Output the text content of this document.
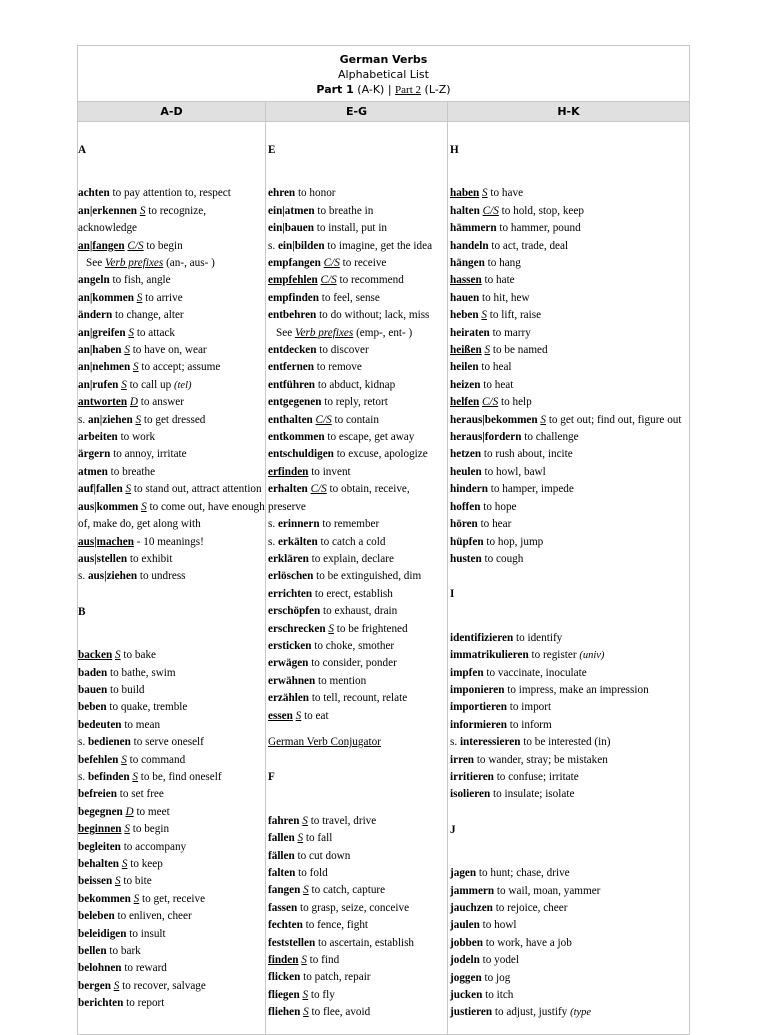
German Verbs
Alphabetical List
Part 1 (A-K) | Part 2 (L-Z)
A-D	E-G	H-K
A
achten to pay attention to, respect
an|erkennen S to recognize, acknowledge
an|fangen C/S to begin
See Verb prefixes (an-, aus- )
angeln to fish, angle
an|kommen S to arrive
ändern to change, alter
an|greifen S to attack
an|haben S to have on, wear
an|nehmen S to accept; assume
an|rufen S to call up (tel)
antworten D to answer
s. an|ziehen S to get dressed
arbeiten to work
ärgern to annoy, irritate
atmen to breathe
auf|fallen S to stand out, attract attention
aus|kommen S to come out, have enough of, make do, get along with
aus|machen - 10 meanings!
aus|stellen to exhibit
s. aus|ziehen to undress
B
backen S to bake
baden to bathe, swim
bauen to build
beben to quake, tremble
bedeuten to mean
s. bedienen to serve oneself
befehlen S to command
s. befinden S to be, find oneself
befreien to set free
begegnen D to meet
beginnen S to begin
begleiten to accompany
behalten S to keep
beissen S to bite
bekommen S to get, receive
beleben to enliven, cheer
beleidigen to insult
bellen to bark
belohnen to reward
bergen S to recover, salvage
berichten to report
E
ehren to honor
ein|atmen to breathe in
ein|bauen to install, put in
s. ein|bilden to imagine, get the idea
empfangen C/S to receive
empfehlen C/S to recommend
empfinden to feel, sense
entbehren to do without; lack, miss
See Verb prefixes (emp-, ent- )
entdecken to discover
entfernen to remove
entführen to abduct, kidnap
entgegenen to reply, retort
enthalten C/S to contain
entkommen to escape, get away
entschuldigen to excuse, apologize
erfinden to invent
erhalten C/S to obtain, receive, preserve
s. erinnern to remember
s. erkälten to catch a cold
erklären to explain, declare
erlöschen to be extinguished, dim
errichten to erect, establish
erschöpfen to exhaust, drain
erschrecken S to be frightened
ersticken to choke, smother
erwägen to consider, ponder
erwähnen to mention
erzählen to tell, recount, relate
essen S to eat
German Verb Conjugator
F
fahren S to travel, drive
fallen S to fall
fällen to cut down
falten to fold
fangen S to catch, capture
fassen to grasp, seize, conceive
fechten to fence, fight
feststellen to ascertain, establish
finden S to find
flicken to patch, repair
fliegen S to fly
fliehen S to flee, avoid
H
haben S to have
halten C/S to hold, stop, keep
hämmern to hammer, pound
handeln to act, trade, deal
hängen to hang
hassen to hate
hauen to hit, hew
heben S to lift, raise
heiraten to marry
heißen S to be named
heilen to heal
heizen to heat
helfen C/S to help
heraus|bekommen S to get out; find out, figure out
heraus|fordern to challenge
hetzen to rush about, incite
heulen to howl, bawl
hindern to hamper, impede
hoffen to hope
hören to hear
hüpfen to hop, jump
husten to cough
I
identifizieren to identify
immatrikulieren to register (univ)
impfen to vaccinate, inoculate
imponieren to impress, make an impression
importieren to import
informieren to inform
s. interessieren to be interested (in)
irren to wander, stray; be mistaken
irritieren to confuse; irritate
isolieren to insulate; isolate
J
jagen to hunt; chase, drive
jammern to wail, moan, yammer
jauchzen to rejoice, cheer
jaulen to howl
jobben to work, have a job
jodeln to yodel
joggen to jog
jucken to itch
justieren to adjust, justify (type
